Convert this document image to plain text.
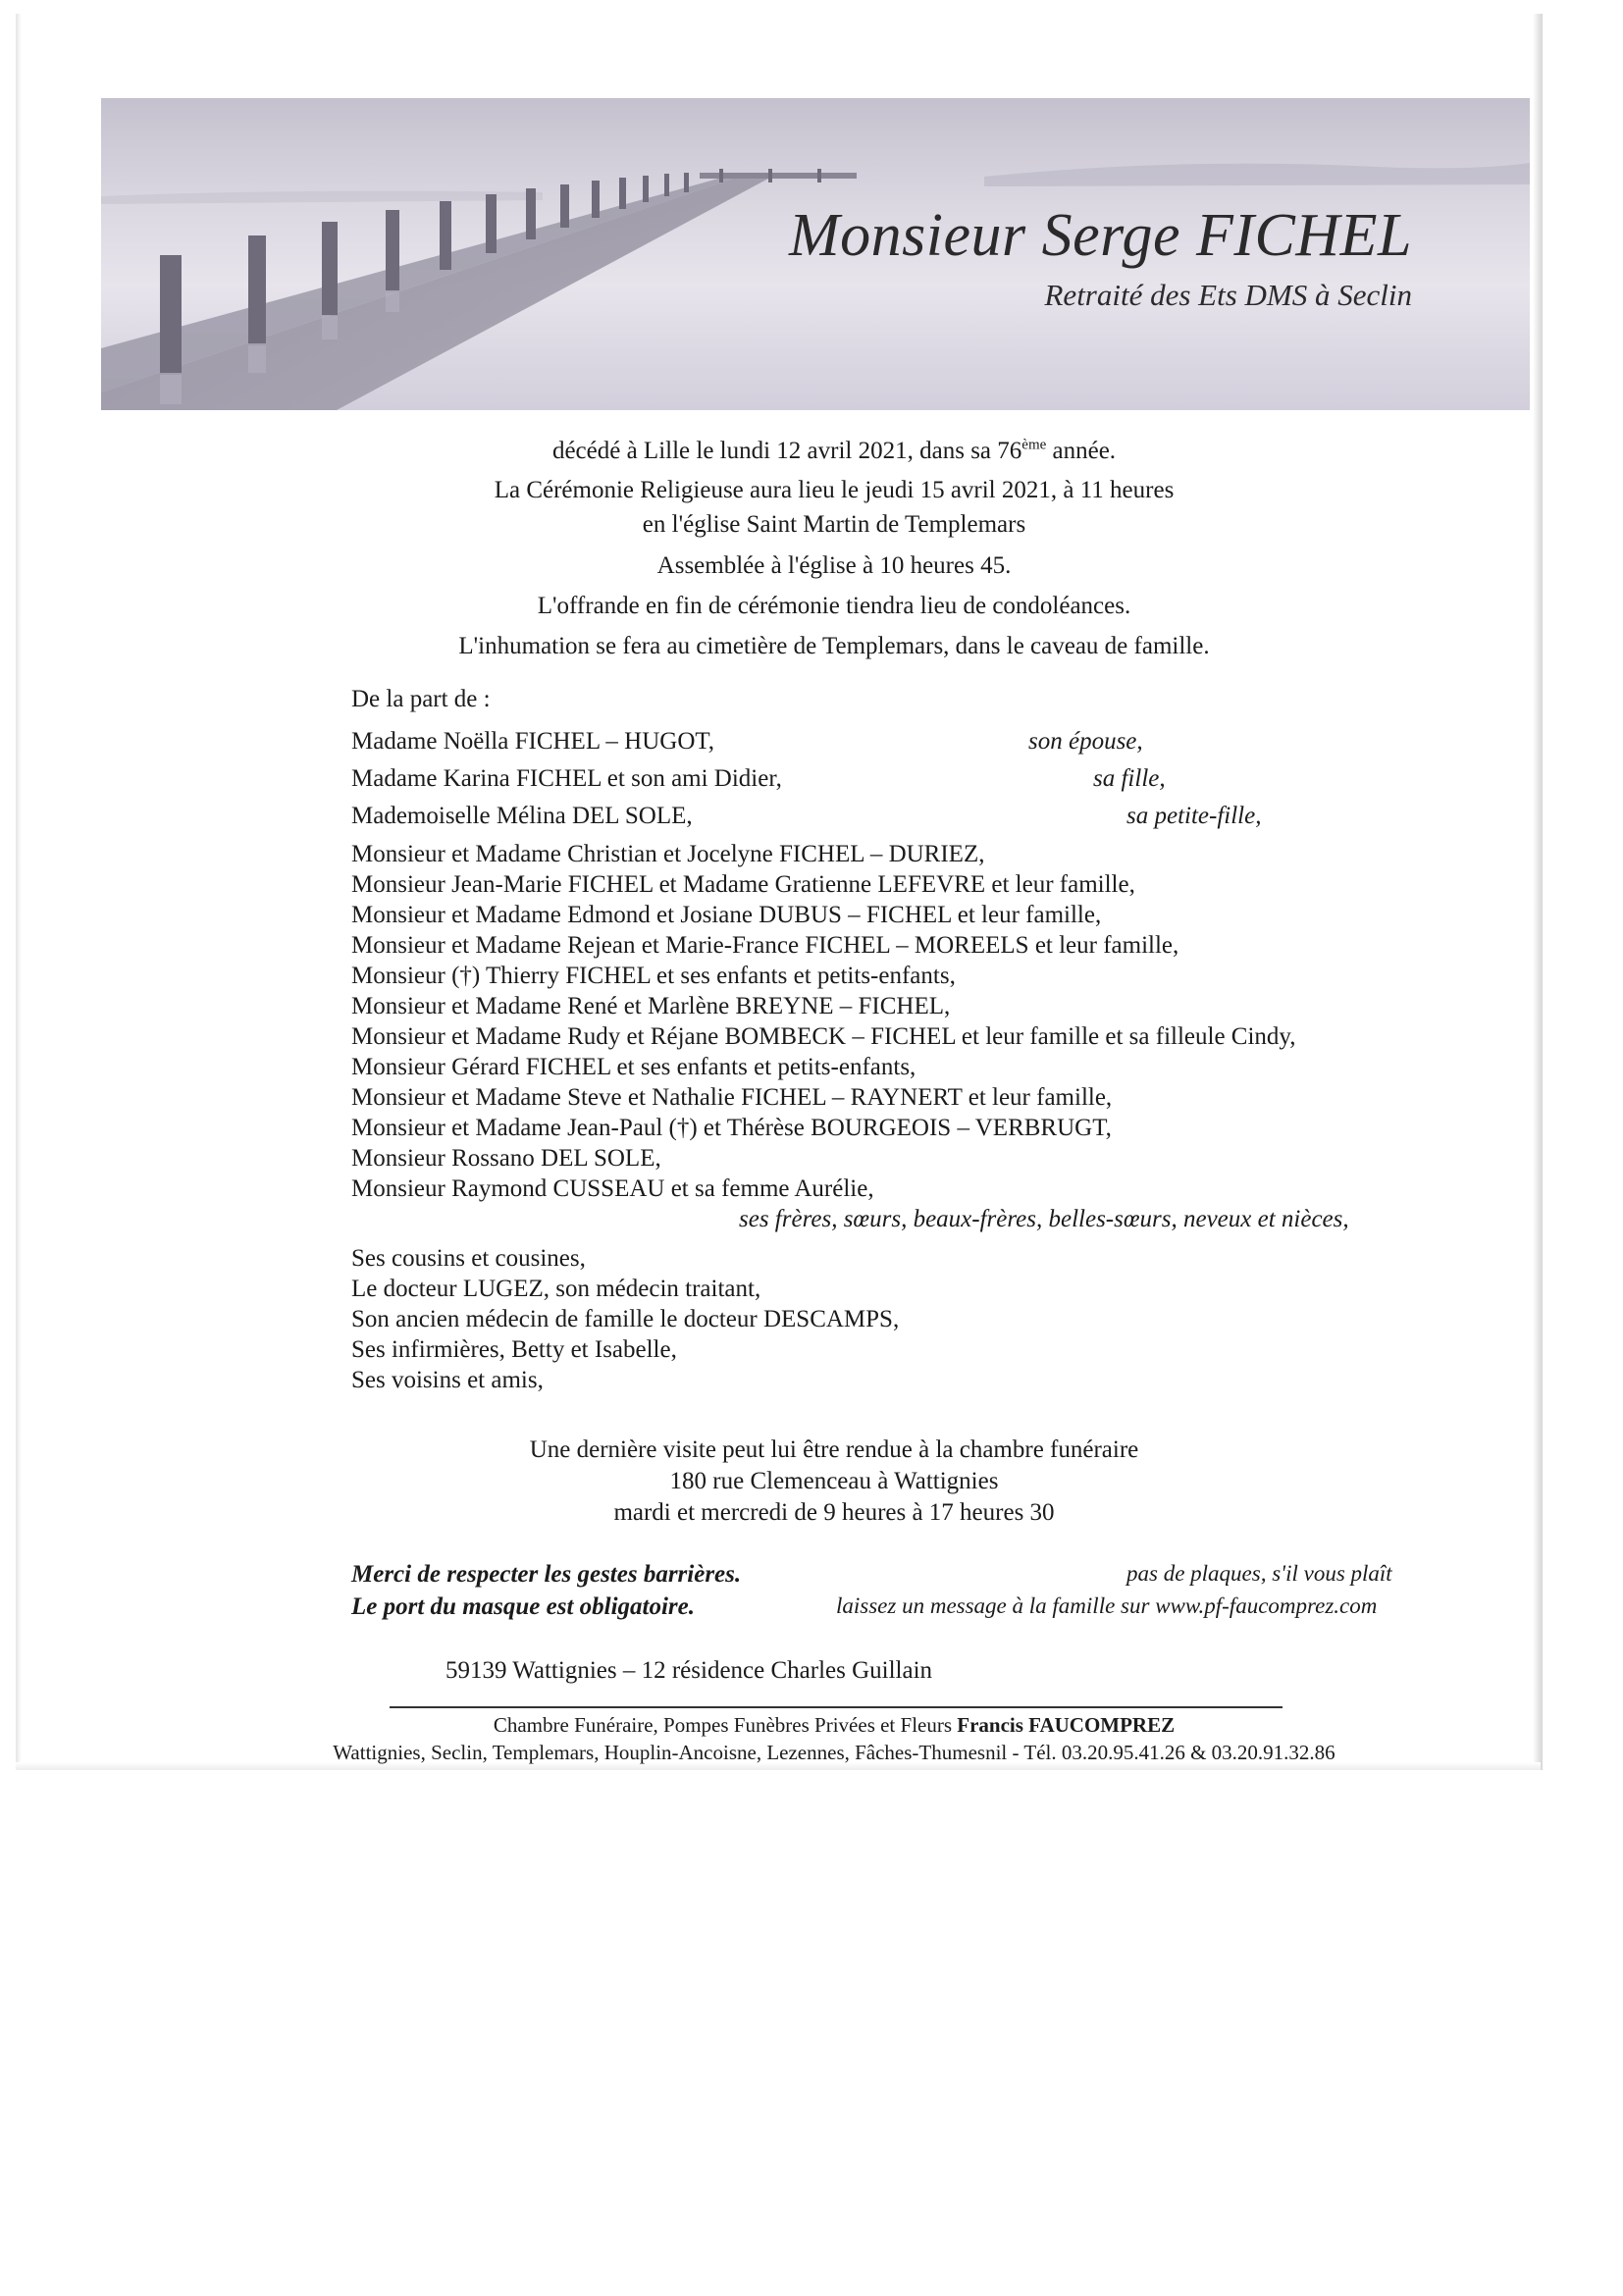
Monsieur Serge FICHEL

Retraité des Ets DMS à Seclin

décédé à Lille le lundi 12 avril 2021, dans sa 76ème année.
La Cérémonie Religieuse aura lieu le jeudi 15 avril 2021, à 11 heures
en l'église Saint Martin de Templemars
Assemblée à l'église à 10 heures 45.
L'offrande en fin de cérémonie tiendra lieu de condoléances.
L'inhumation se fera au cimetière de Templemars, dans le caveau de famille.
De la part de :
Madame Noëlla FICHEL – HUGOT,	son épouse,
Madame Karina FICHEL et son ami Didier,	sa fille,
Mademoiselle Mélina DEL SOLE,	sa petite-fille,
Monsieur et Madame Christian et Jocelyne FICHEL – DURIEZ,
Monsieur Jean-Marie FICHEL et Madame Gratienne LEFEVRE et leur famille,
Monsieur et Madame Edmond et Josiane DUBUS – FICHEL et leur famille,
Monsieur et Madame Rejean et Marie-France FICHEL – MOREELS et leur famille,
Monsieur (†) Thierry FICHEL et ses enfants et petits-enfants,
Monsieur et Madame René et Marlène BREYNE – FICHEL,
Monsieur et Madame Rudy et Réjane BOMBECK – FICHEL et leur famille et sa filleule Cindy,
Monsieur Gérard FICHEL et ses enfants et petits-enfants,
Monsieur et Madame Steve et Nathalie FICHEL – RAYNERT et leur famille,
Monsieur et Madame Jean-Paul (†) et Thérèse BOURGEOIS – VERBRUGT,
Monsieur Rossano DEL SOLE,
Monsieur Raymond CUSSEAU et sa femme Aurélie,
ses frères, sœurs, beaux-frères, belles-sœurs, neveux et nièces,
Ses cousins et cousines,
Le docteur LUGEZ, son médecin traitant,
Son ancien médecin de famille le docteur DESCAMPS,
Ses infirmières, Betty et Isabelle,
Ses voisins et amis,
Une dernière visite peut lui être rendue à la chambre funéraire
180 rue Clemenceau à Wattignies
mardi et mercredi de 9 heures à 17 heures 30
Merci de respecter les gestes barrières.
Le port du masque est obligatoire.
pas de plaques, s'il vous plaît
laissez un message à la famille sur www.pf-faucomprez.com
59139 Wattignies – 12 résidence Charles Guillain
Chambre Funéraire, Pompes Funèbres Privées et Fleurs Francis FAUCOMPREZ
Wattignies, Seclin, Templemars, Houplin-Ancoisne, Lezennes, Fâches-Thumesnil - Tél. 03.20.95.41.26 & 03.20.91.32.86
